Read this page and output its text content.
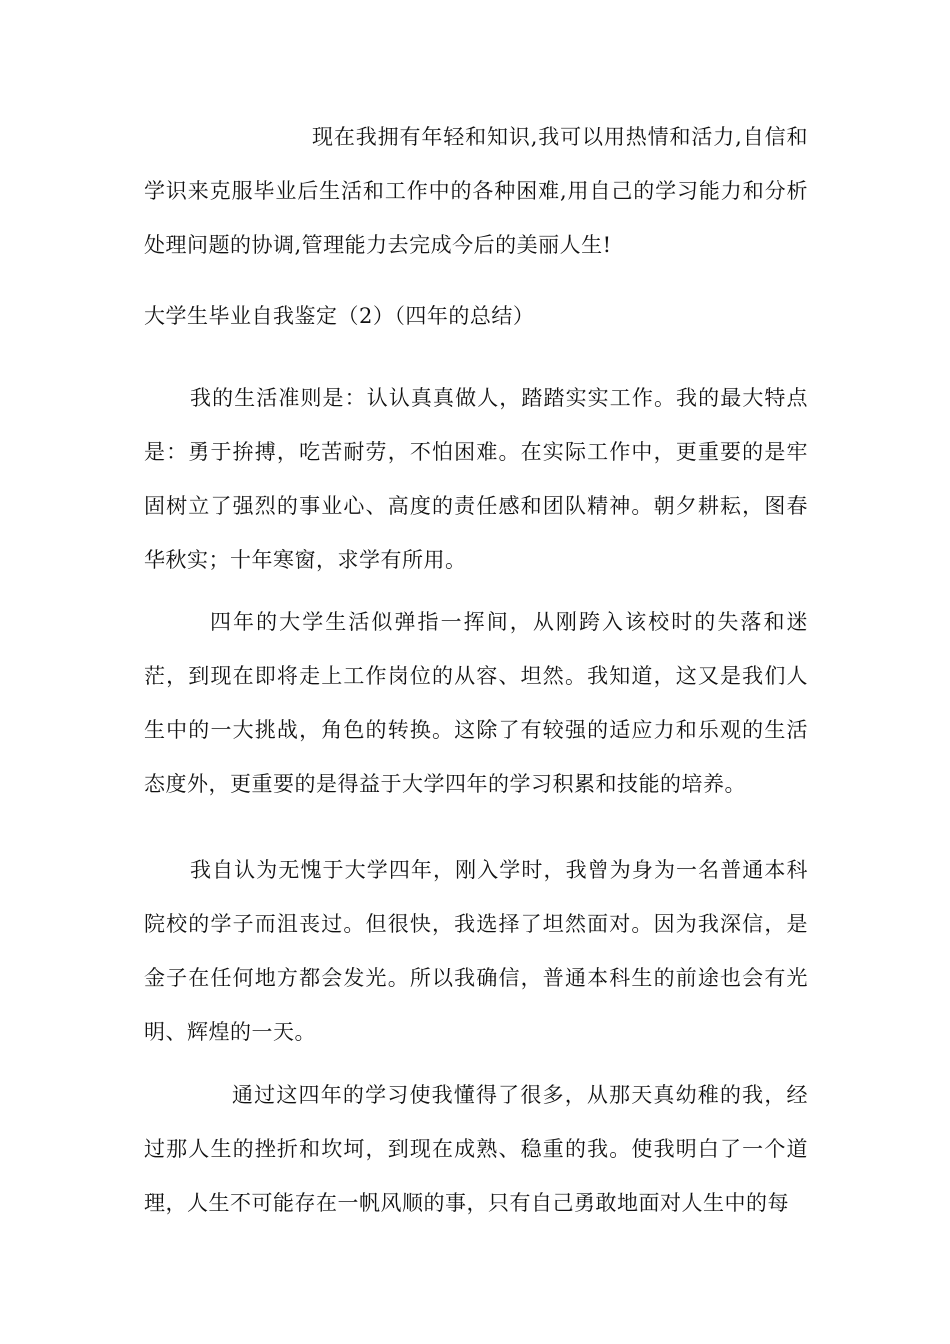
现在我拥有年轻和知识,我可以用热情和活力,自信和学识来克服毕业后生活和工作中的各种困难,用自己的学习能力和分析处理问题的协调,管理能力去完成今后的美丽人生!

大学生毕业自我鉴定（2）（四年的总结）

我的生活准则是：认认真真做人，踏踏实实工作。我的最大特点是：勇于拚搏，吃苦耐劳，不怕困难。在实际工作中，更重要的是牢固树立了强烈的事业心、高度的责任感和团队精神。朝夕耕耘，图春华秋实；十年寒窗，求学有所用。

四年的大学生活似弹指一挥间，从刚跨入该校时的失落和迷茫，到现在即将走上工作岗位的从容、坦然。我知道，这又是我们人生中的一大挑战，角色的转换。这除了有较强的适应力和乐观的生活态度外，更重要的是得益于大学四年的学习积累和技能的培养。

我自认为无愧于大学四年，刚入学时，我曾为身为一名普通本科院校的学子而沮丧过。但很快，我选择了坦然面对。因为我深信，是金子在任何地方都会发光。所以我确信，普通本科生的前途也会有光明、辉煌的一天。

通过这四年的学习使我懂得了很多，从那天真幼稚的我，经过那人生的挫折和坎坷，到现在成熟、稳重的我。使我明白了一个道理，人生不可能存在一帆风顺的事，只有自己勇敢地面对人生中的每
